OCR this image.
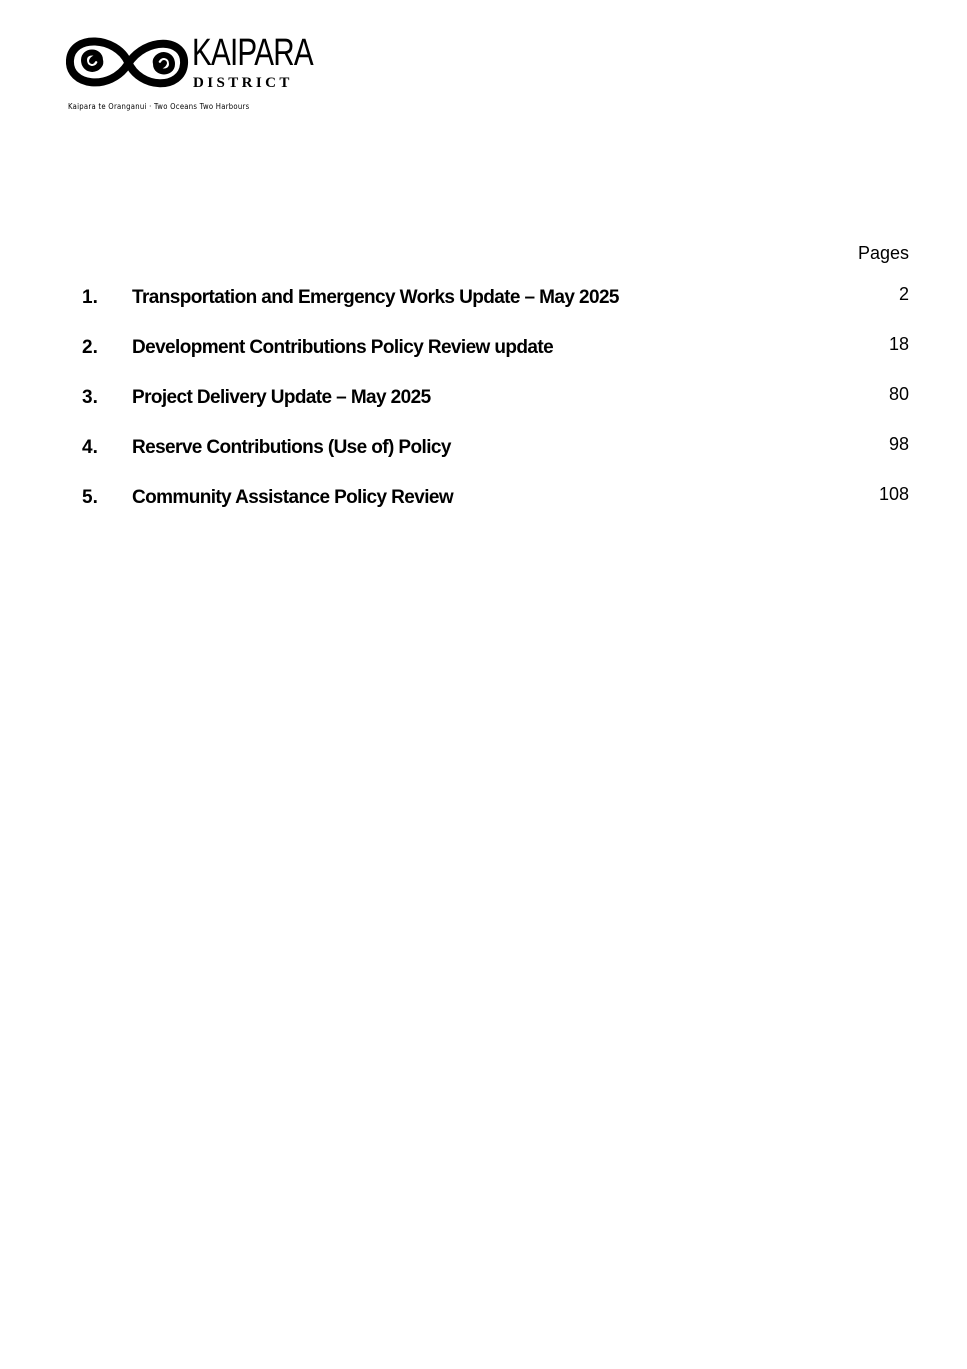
KAIPARA
DISTRICT
Kaipara te Oranganui · Two Oceans Two Harbours
Pages
1. Transportation and Emergency Works Update – May 2025	2
2. Development Contributions Policy Review update	18
3. Project Delivery Update – May 2025	80
4. Reserve Contributions (Use of) Policy	98
5. Community Assistance Policy Review	108
